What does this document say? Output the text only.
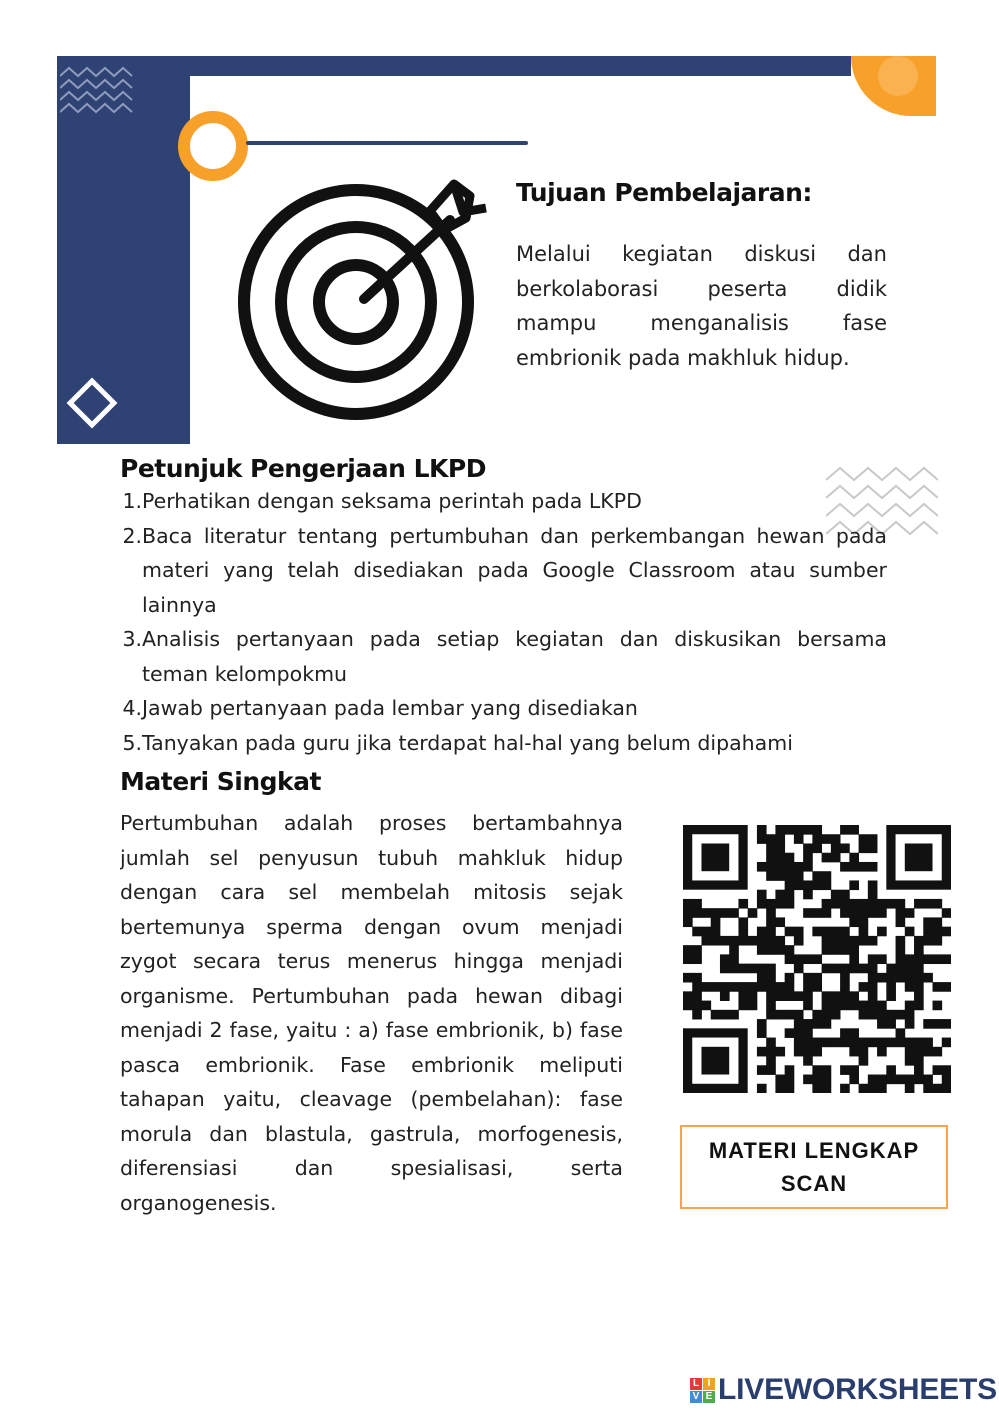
Tujuan Pembelajaran:

Melalui kegiatan diskusi dan berkolaborasi peserta didik mampu menganalisis fase embrionik pada makhluk hidup.

Petunjuk Pengerjaan LKPD
1. Perhatikan dengan seksama perintah pada LKPD
2. Baca literatur tentang pertumbuhan dan perkembangan hewan pada materi yang telah disediakan pada Google Classroom atau sumber lainnya
3. Analisis pertanyaan pada setiap kegiatan dan diskusikan bersama teman kelompokmu
4. Jawab pertanyaan pada lembar yang disediakan
5. Tanyakan pada guru jika terdapat hal-hal yang belum dipahami
Materi Singkat

Pertumbuhan adalah proses bertambahnya jumlah sel penyusun tubuh mahkluk hidup dengan cara sel membelah mitosis sejak bertemunya sperma dengan ovum menjadi zygot secara terus menerus hingga menjadi organisme. Pertumbuhan pada hewan dibagi menjadi 2 fase, yaitu : a) fase embrionik, b) fase pasca embrionik. Fase embrionik meliputi tahapan yaitu, cleavage (pembelahan): fase morula dan blastula, gastrula, morfogenesis, diferensiasi dan spesialisasi, serta organogenesis.

MATERI LENGKAP
SCAN
L I
V E LIVEWORKSHEETS
